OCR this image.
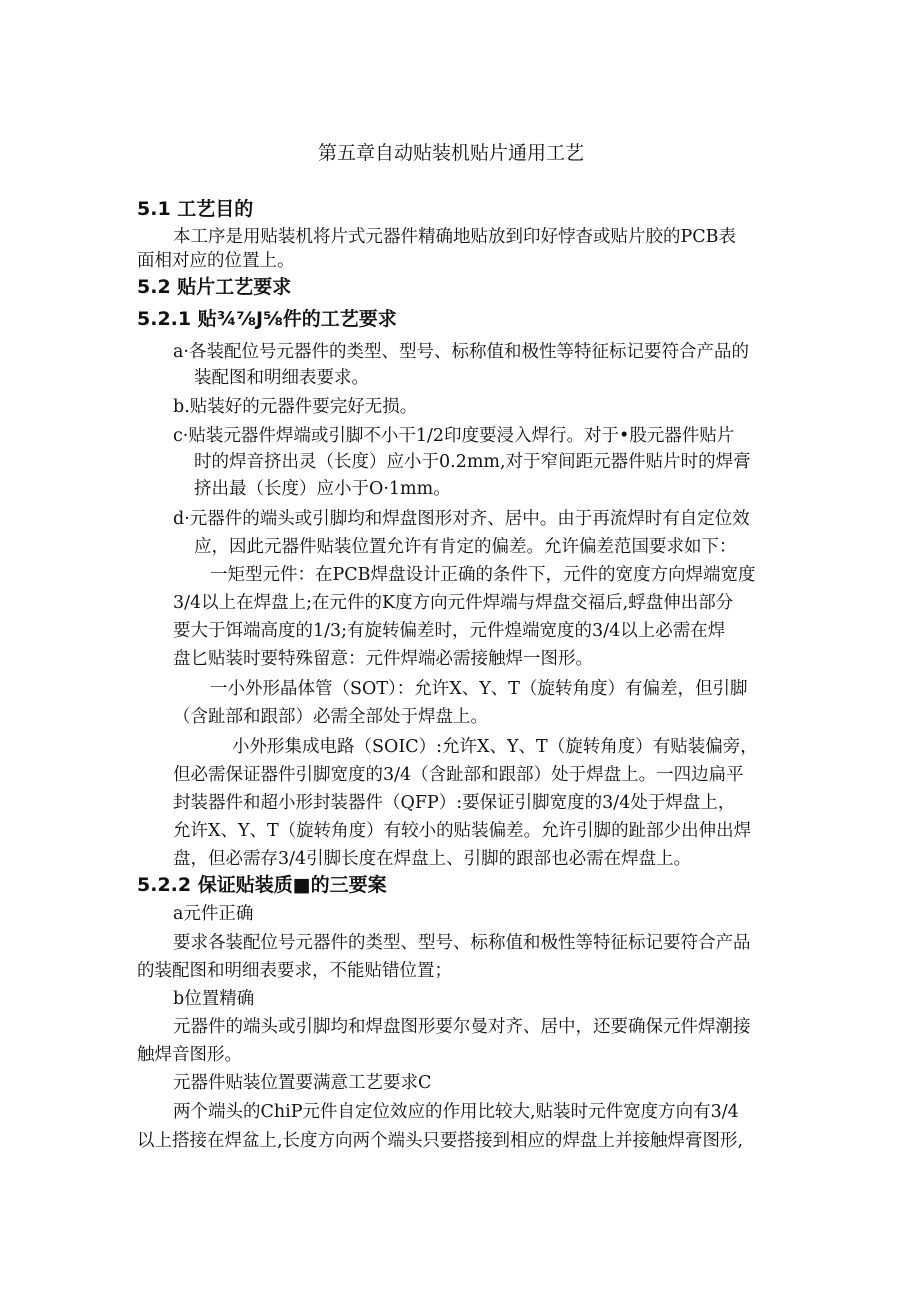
第五章自动贴装机贴片通用工艺
5.1 工艺目的
本工序是用贴装机将片式元器件精确地贴放到印好悖杳或贴片胶的PCB表
面相对应的位置上。
5.2 贴片工艺要求
5.2.1 贴¾⅞J⅝件的工艺要求
a·各装配位号元器件的类型、型号、标称值和极性等特征标记要符合产品的
装配图和明细表要求。
b.贴装好的元器件要完好无损。
c·贴装元器件焊端或引脚不小干1/2印度要浸入焊行。对于•股元器件贴片
时的焊音挤出灵（长度）应小于0.2mm,对于窄间距元器件贴片时的焊膏
挤出最（长度）应小于O·1mm。
d·元器件的端头或引脚均和焊盘图形对齐、居中。由于再流焊时有自定位效
应，因此元器件贴装位置允许有肯定的偏差。允许偏差范国要求如下：
一矩型元件：在PCB焊盘设计正确的条件下，元件的宽度方向焊端宽度
3/4以上在焊盘上;在元件的K度方向元件焊端与焊盘交福后,蜉盘伸出部分
要大于饵端高度的1/3;有旋转偏差时，元件煌端宽度的3/4以上必需在焊
盘匕贴装时要特殊留意：元件焊端必需接触焊一图形。
一小外形晶体管（SOT）：允许X、Y、T（旋转角度）有偏差，但引脚
（含趾部和跟部）必需全部处于焊盘上。
小外形集成电路（SOIC）:允许X、Y、T（旋转角度）有贴装偏旁，
但必需保证器件引脚宽度的3/4（含趾部和跟部）处于焊盘上。一四边扁平
封装器件和超小形封装器件（QFP）:要保证引脚宽度的3/4处于焊盘上，
允许X、Y、T（旋转角度）有较小的贴装偏差。允许引脚的趾部少出伸出焊
盘，但必需存3/4引脚长度在焊盘上、引脚的跟部也必需在焊盘上。
5.2.2 保证贴装质■的三要案
a元件正确
要求各装配位号元器件的类型、型号、标称值和极性等特征标记要符合产品
的装配图和明细表要求，不能贴错位置；
b位置精确
元器件的端头或引脚均和焊盘图形要尔曼对齐、居中，还要确保元件焊潮接
触焊音图形。
元器件贴装位置要满意工艺要求C
两个端头的ChiP元件自定位效应的作用比较大,贴装时元件宽度方向有3/4
以上搭接在焊盆上,长度方向两个端头只要搭接到相应的焊盘上并接触焊膏图形,
